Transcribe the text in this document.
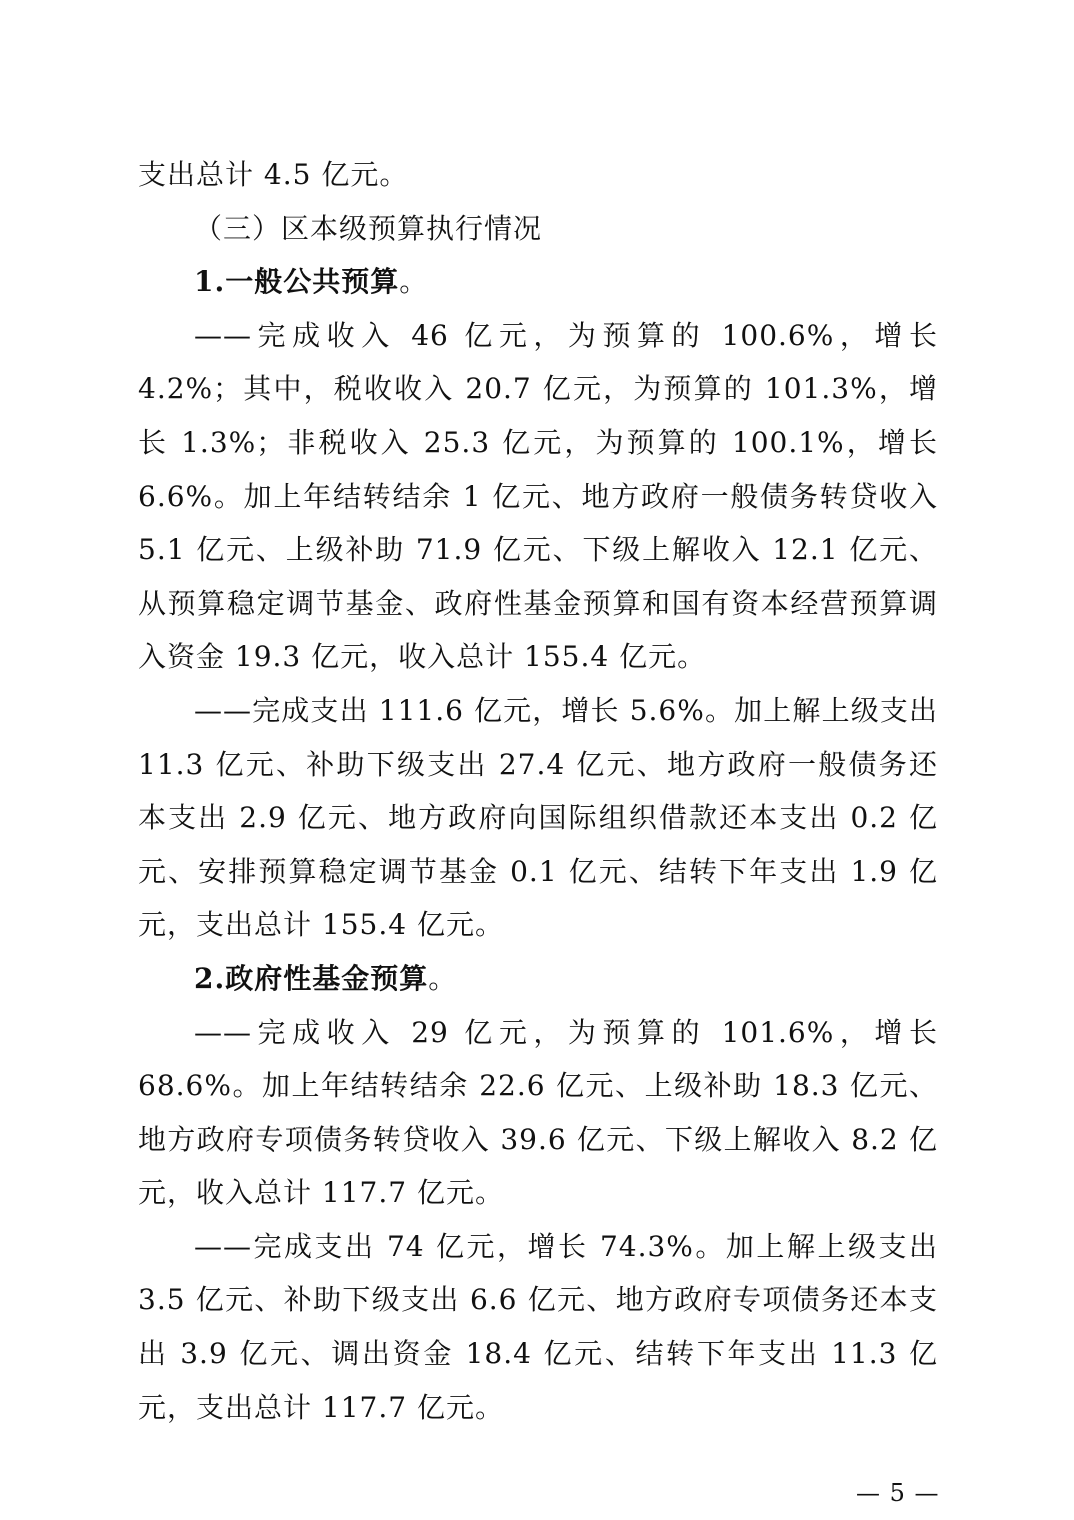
支出总计 4.5 亿元。

（三）区本级预算执行情况

1.一般公共预算。

——完成收入 46 亿元，为预算的 100.6%，增长 4.2%；其中，税收收入 20.7 亿元，为预算的 101.3%，增长 1.3%；非税收入 25.3 亿元，为预算的 100.1%，增长 6.6%。加上年结转结余 1 亿元、地方政府一般债务转贷收入 5.1 亿元、上级补助 71.9 亿元、下级上解收入 12.1 亿元、从预算稳定调节基金、政府性基金预算和国有资本经营预算调入资金 19.3 亿元，收入总计 155.4 亿元。

——完成支出 111.6 亿元，增长 5.6%。加上解上级支出 11.3 亿元、补助下级支出 27.4 亿元、地方政府一般债务还本支出 2.9 亿元、地方政府向国际组织借款还本支出 0.2 亿元、安排预算稳定调节基金 0.1 亿元、结转下年支出 1.9 亿元，支出总计 155.4 亿元。

2.政府性基金预算。

——完成收入 29 亿元，为预算的 101.6%，增长 68.6%。加上年结转结余 22.6 亿元、上级补助 18.3 亿元、地方政府专项债务转贷收入 39.6 亿元、下级上解收入 8.2 亿元，收入总计 117.7 亿元。

——完成支出 74 亿元，增长 74.3%。加上解上级支出 3.5 亿元、补助下级支出 6.6 亿元、地方政府专项债务还本支出 3.9 亿元、调出资金 18.4 亿元、结转下年支出 11.3 亿元，支出总计 117.7 亿元。

— 5 —
